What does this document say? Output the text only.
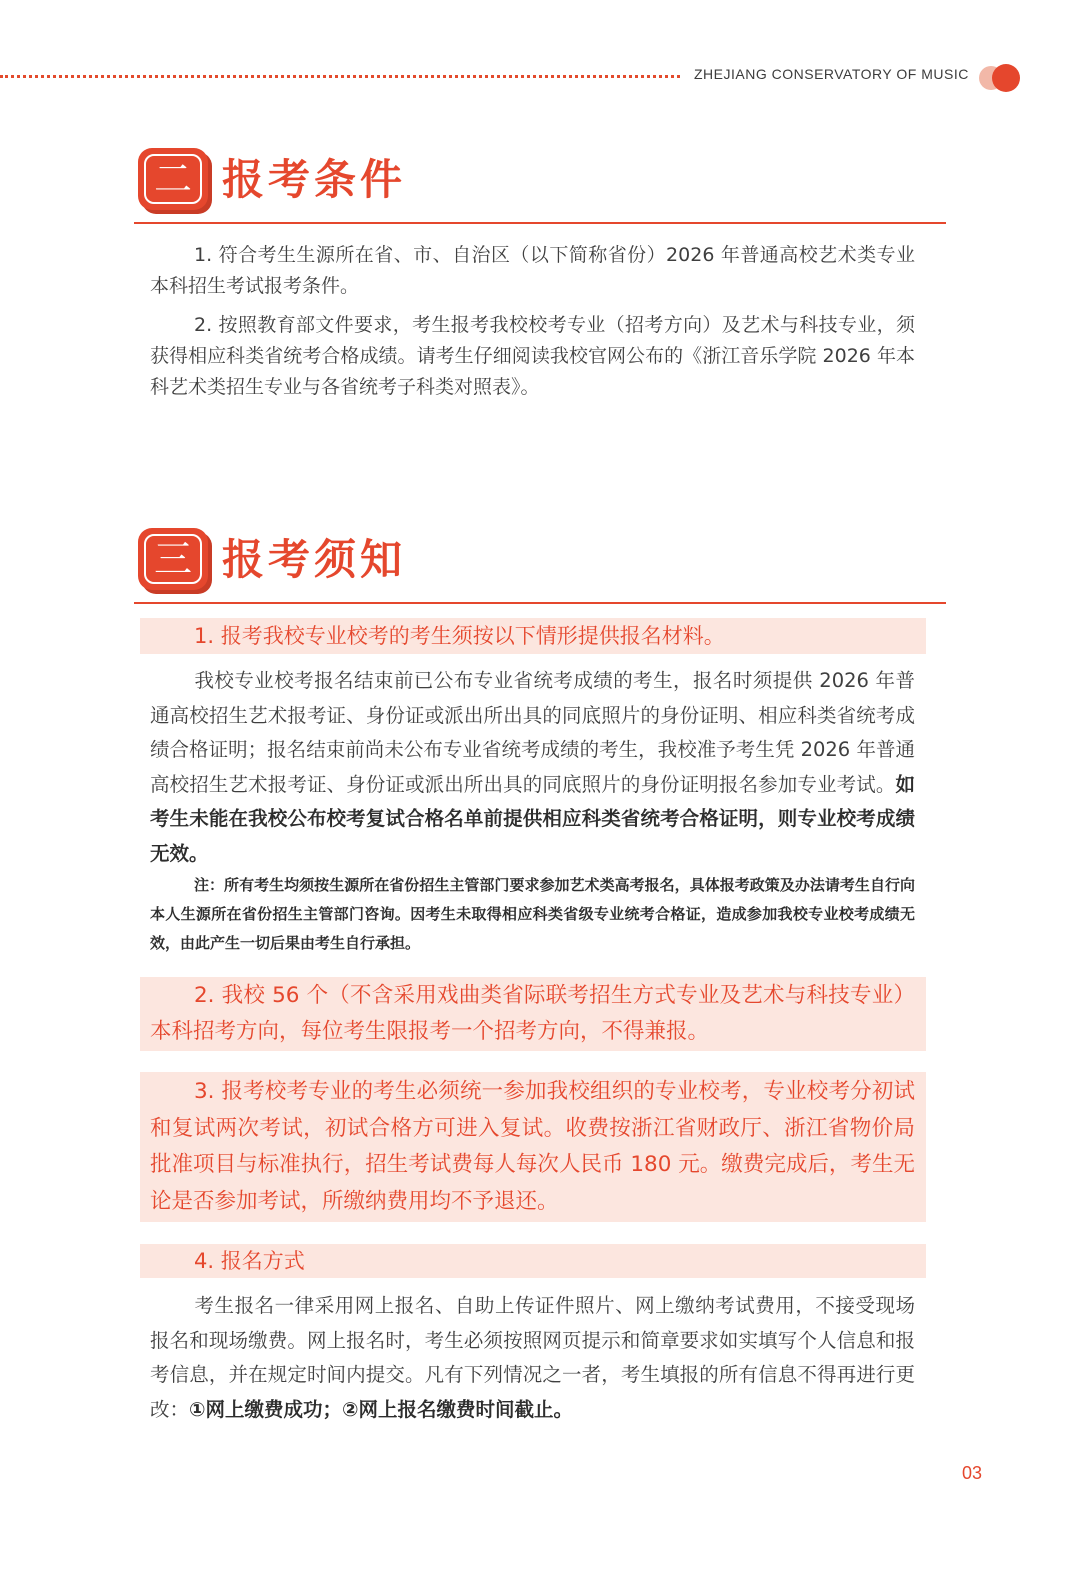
ZHEJIANG CONSERVATORY OF MUSIC
二 报考条件
1. 符合考生生源所在省、市、自治区（以下简称省份）2026 年普通高校艺术类专业本科招生考试报考条件。
2. 按照教育部文件要求，考生报考我校校考专业（招考方向）及艺术与科技专业，须获得相应科类省统考合格成绩。请考生仔细阅读我校官网公布的《浙江音乐学院 2026 年本科艺术类招生专业与各省统考子科类对照表》。
三 报考须知
1. 报考我校专业校考的考生须按以下情形提供报名材料。
我校专业校考报名结束前已公布专业省统考成绩的考生，报名时须提供 2026 年普通高校招生艺术报考证、身份证或派出所出具的同底照片的身份证明、相应科类省统考成绩合格证明；报名结束前尚未公布专业省统考成绩的考生，我校准予考生凭 2026 年普通高校招生艺术报考证、身份证或派出所出具的同底照片的身份证明报名参加专业考试。如考生未能在我校公布校考复试合格名单前提供相应科类省统考合格证明，则专业校考成绩无效。
注：所有考生均须按生源所在省份招生主管部门要求参加艺术类高考报名，具体报考政策及办法请考生自行向本人生源所在省份招生主管部门咨询。因考生未取得相应科类省级专业统考合格证，造成参加我校专业校考成绩无效，由此产生一切后果由考生自行承担。
2. 我校 56 个（不含采用戏曲类省际联考招生方式专业及艺术与科技专业）本科招考方向，每位考生限报考一个招考方向，不得兼报。
3. 报考校考专业的考生必须统一参加我校组织的专业校考，专业校考分初试和复试两次考试，初试合格方可进入复试。收费按浙江省财政厅、浙江省物价局批准项目与标准执行，招生考试费每人每次人民币 180 元。缴费完成后，考生无论是否参加考试，所缴纳费用均不予退还。
4. 报名方式
考生报名一律采用网上报名、自助上传证件照片、网上缴纳考试费用，不接受现场报名和现场缴费。网上报名时，考生必须按照网页提示和简章要求如实填写个人信息和报考信息，并在规定时间内提交。凡有下列情况之一者，考生填报的所有信息不得再进行更改：①网上缴费成功；②网上报名缴费时间截止。
03
